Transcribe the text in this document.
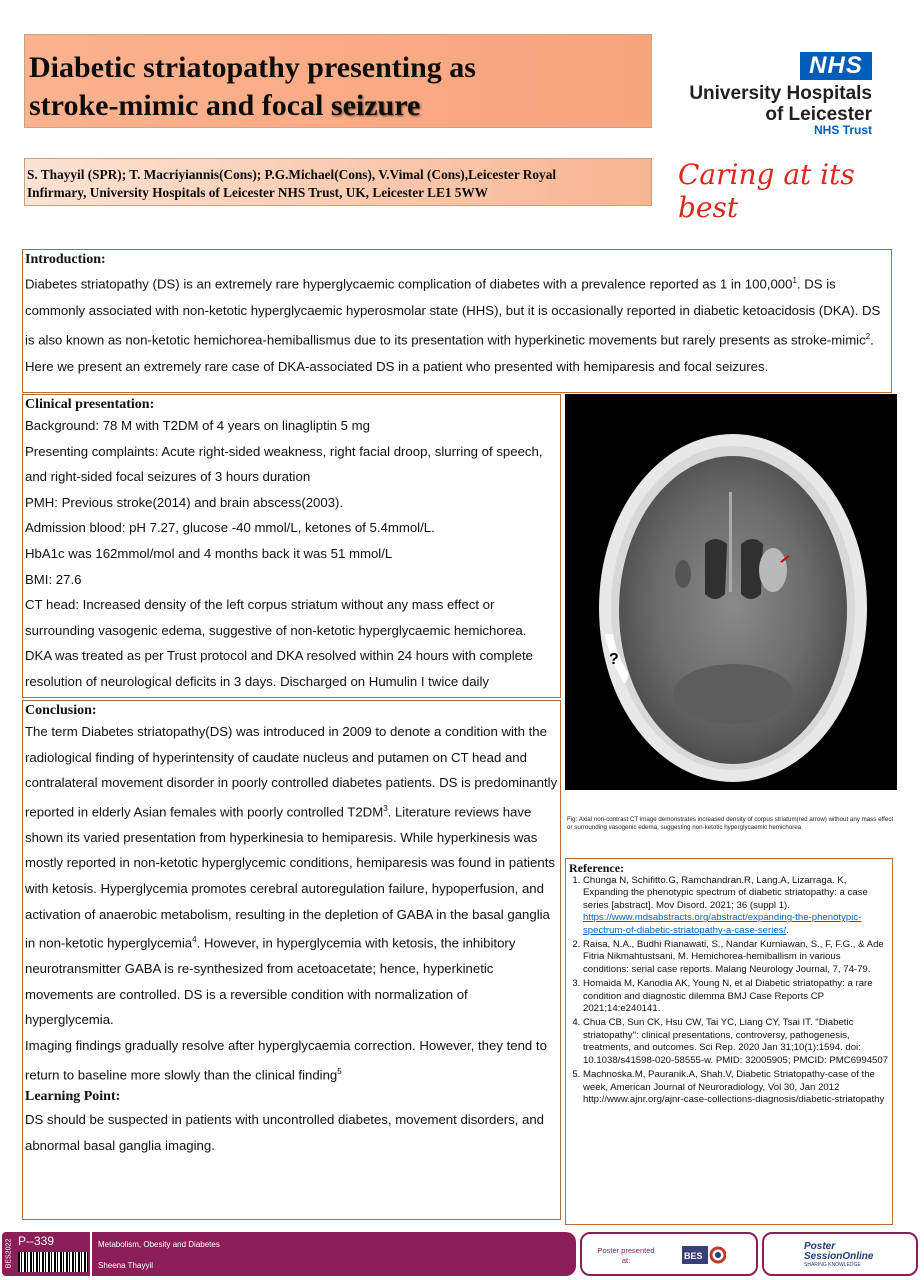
Diabetic striatopathy presenting as
stroke-mimic and focal seizure
S. Thayyil (SPR); T. Macriyiannis(Cons); P.G.Michael(Cons), V.Vimal (Cons),Leicester Royal
Infirmary, University Hospitals of Leicester NHS Trust, UK, Leicester LE1 5WW
NHS
University Hospitals
of Leicester
NHS Trust
Caring at its best
Introduction:
Diabetes striatopathy (DS) is an extremely rare hyperglycaemic complication of diabetes with a prevalence reported as 1 in 100,000$^1$. DS is commonly associated with non-ketotic hyperglycaemic hyperosmolar state (HHS), but it is occasionally reported in diabetic ketoacidosis (DKA). DS is also known as non-ketotic hemichorea-hemiballismus due to its presentation with hyperkinetic movements but rarely presents as stroke-mimic$^2$. Here we present an extremely rare case of DKA-associated DS in a patient who presented with hemiparesis and focal seizures.
Clinical presentation:

Background: 78 M with T2DM of 4 years on linagliptin 5 mg

Presenting complaints: Acute right-sided weakness, right facial droop, slurring of speech, and right-sided focal seizures of 3 hours duration

PMH: Previous stroke(2014) and brain abscess(2003).

Admission blood: pH 7.27, glucose -40 mmol/L, ketones of 5.4mmol/L.

HbA1c was 162mmol/mol and 4 months back it was 51 mmol/L

BMI: 27.6

CT head: Increased density of the left corpus striatum without any mass effect or surrounding vasogenic edema, suggestive of non-ketotic hyperglycaemic hemichorea.

DKA was treated as per Trust protocol and DKA resolved within 24 hours with complete resolution of neurological deficits in 3 days. Discharged on Humulin I twice daily

Conclusion:

The term Diabetes striatopathy(DS) was introduced in 2009 to denote a condition with the radiological finding of hyperintensity of caudate nucleus and putamen on CT head and contralateral movement disorder in poorly controlled diabetes patients. DS is predominantly reported in elderly Asian females with poorly controlled $T2DM^3$. Literature reviews have shown its varied presentation from hyperkinesia to hemiparesis. While hyperkinesis was mostly reported in non-ketotic hyperglycemic conditions, hemiparesis was found in patients with ketosis. Hyperglycemia promotes cerebral autoregulation failure, hypoperfusion, and activation of anaerobic metabolism, resulting in the depletion of GABA in the basal ganglia in non-ketotic hyperglycemia$^4$. However, in hyperglycemia with ketosis, the inhibitory neurotransmitter GABA is re-synthesized from acetoacetate; hence, hyperkinetic movements are controlled. DS is a reversible condition with normalization of hyperglycemia.

Imaging findings gradually resolve after hyperglycaemia correction. However, they tend to return to baseline more slowly than the clinical finding$^5$

Learning Point:
DS should be suspected in patients with uncontrolled diabetes, movement disorders, and abnormal basal ganglia imaging.
?
Fig: Axial non-contrast CT image demonstrates increased density of corpus striatum(red arrow) without any mass effect or surrounding vasogenic edema, suggesting non-ketotic hyperglycaemic hemichorea
Reference:
1. Chunga N, Schifitto.G, Ramchandran.R, Lang.A, Lizarraga. K, Expanding the phenotypic spectrum of diabetic striatopathy: a case series [abstract]. Mov Disord. 2021; 36 (suppl 1). https://www.mdsabstracts.org/abstract/expanding-the-phenotypic-spectrum-of-diabetic-striatopathy-a-case-series/.
2. Raisa, N.A., Budhi Rianawati, S., Nandar Kurniawan, S., F, F.G., & Ade Fitria Nikmahtustsani, M. Hemichorea-hemiballism in various conditions: serial case reports. Malang Neurology Journal, 7, 74-79.
3. Homaida M, Kanodia AK, Young N, et al Diabetic striatopathy: a rare condition and diagnostic dilemma BMJ Case Reports CP 2021;14:e240141.
4. Chua CB, Sun CK, Hsu CW, Tai YC, Liang CY, Tsai IT. "Diabetic striatopathy": clinical presentations, controversy, pathogenesis, treatments, and outcomes. Sci Rep. 2020 Jan 31;10(1):1594. doi: 10.1038/s41598-020-58555-w. PMID: 32005905; PMCID: PMC6994507
5. Machnoska.M, Pauranik.A, Shah.V, Diabetic Striatopathy-case of the week, American Journal of Neuroradiology, Vol 30, Jan 2012 http://www.ajnr.org/ajnr-case-collections-diagnosis/diabetic-striatopathy
BES2022 P--339	Metabolism, Obesity and Diabetes
Sheena Thayyil
Poster presented at:	BES
Poster
SessionOnline
SHARING KNOWLEDGE
